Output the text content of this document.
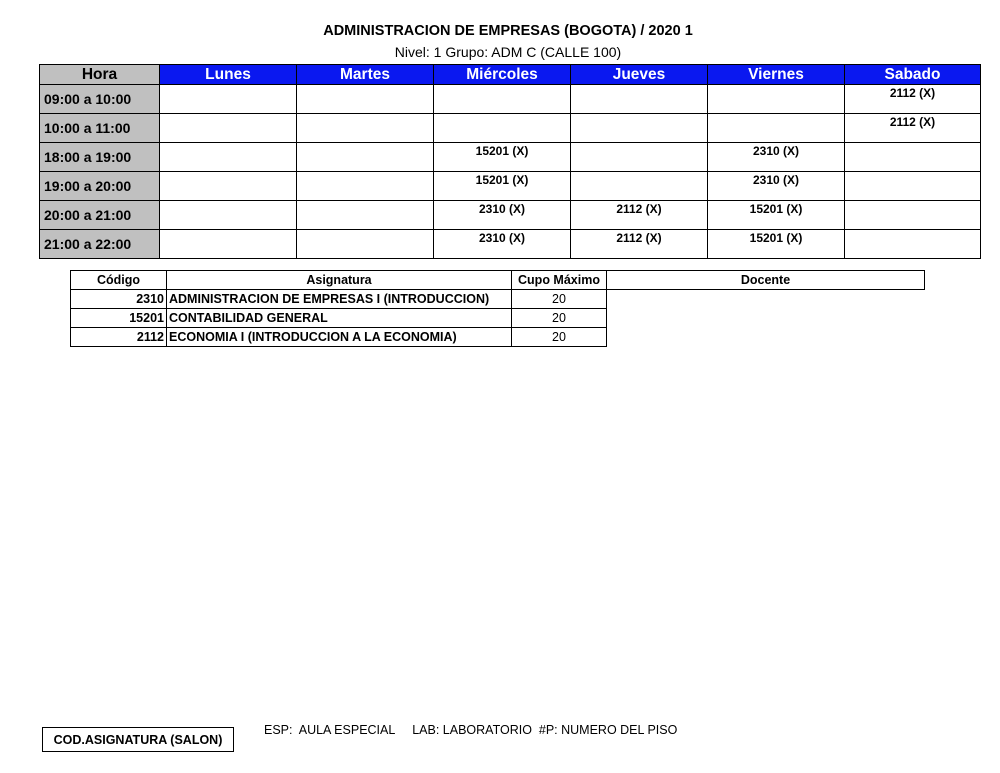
ADMINISTRACION DE EMPRESAS (BOGOTA) / 2020 1
Nivel: 1 Grupo: ADM C (CALLE 100)
Hora	Lunes	Martes	Miércoles	Jueves	Viernes	Sabado
09:00 a 10:00						2112 (X)

10:00 a 11:00						2112 (X)

18:00 a 19:00			15201 (X)		2310 (X)	

19:00 a 20:00			15201 (X)		2310 (X)	

20:00 a 21:00			2310 (X)	2112 (X)	15201 (X)	

21:00 a 22:00			2310 (X)	2112 (X)	15201 (X)	

Código	Asignatura	Cupo Máximo	Docente
2310	ADMINISTRACION DE EMPRESAS I (INTRODUCCION)	20	
15201	CONTABILIDAD GENERAL	20	
2112	ECONOMIA I (INTRODUCCION A LA ECONOMIA)	20	
COD.ASIGNATURA (SALON)
ESP:  AULA ESPECIAL     LAB: LABORATORIO  #P: NUMERO DEL PISO
